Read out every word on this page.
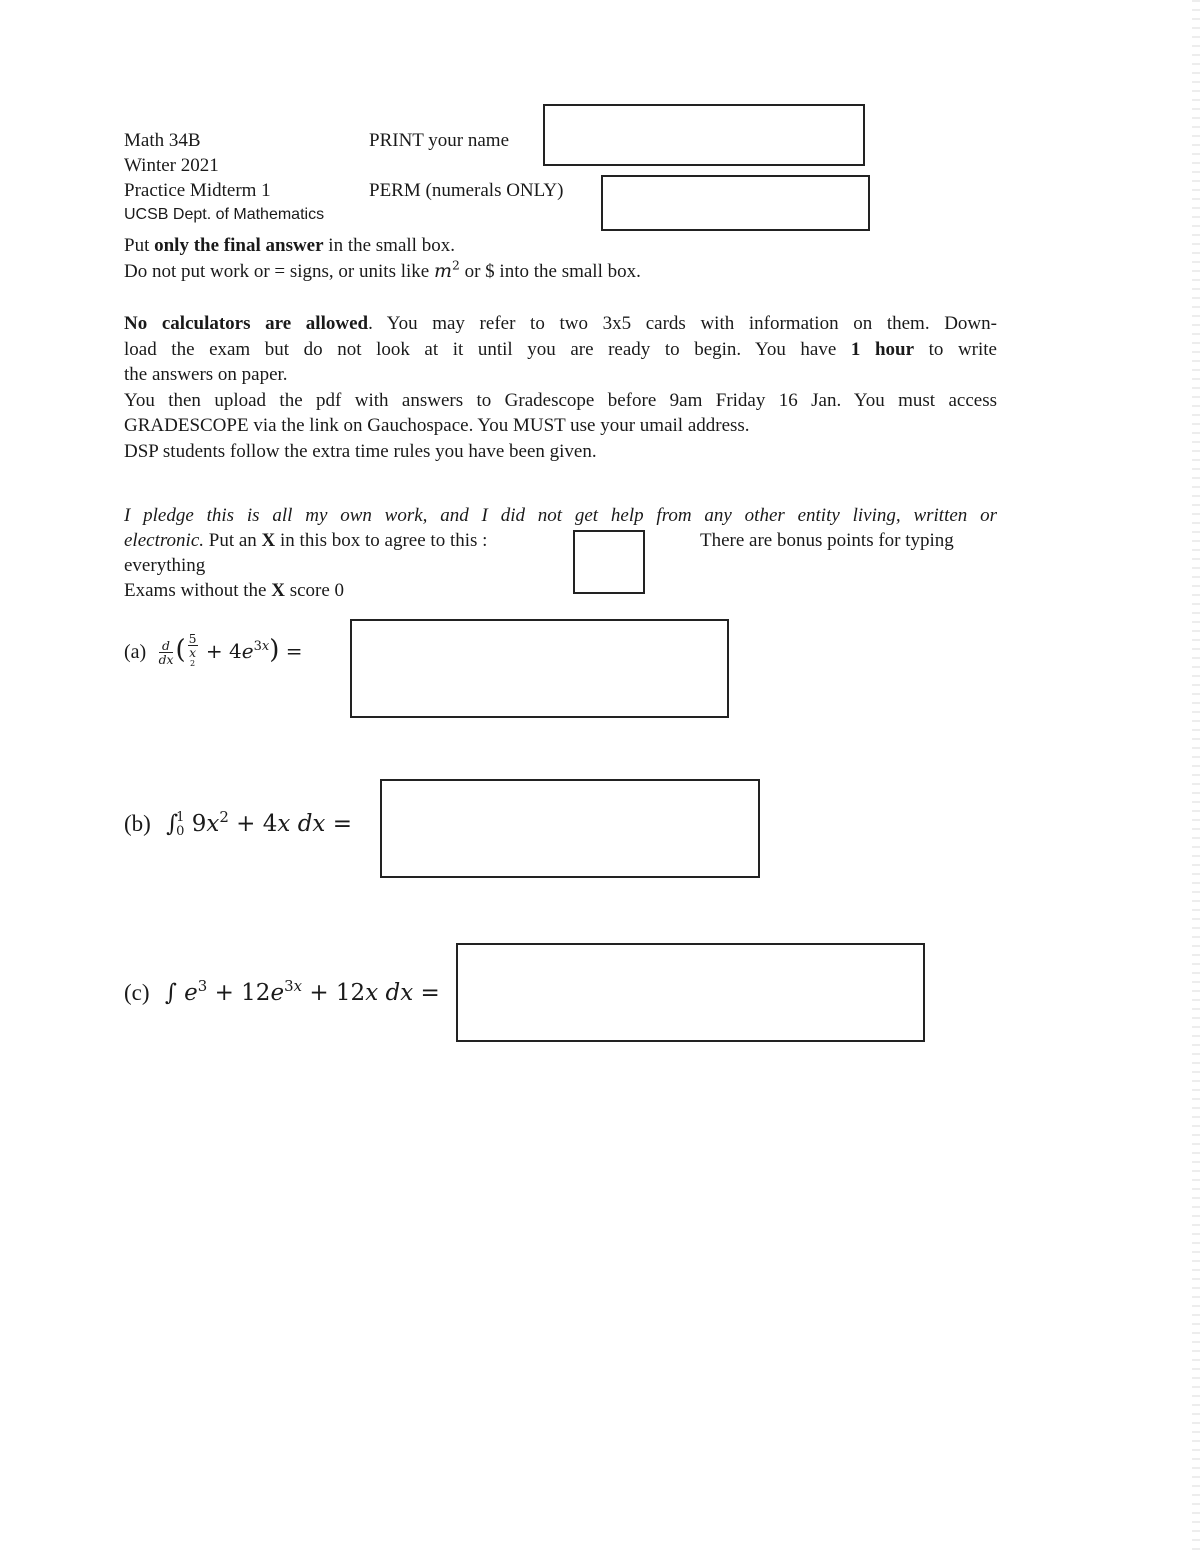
Math 34B
Winter 2021
Practice Midterm 1
UCSB Dept. of Mathematics
PRINT your name
PERM (numerals ONLY)
Put only the final answer in the small box.
Do not put work or = signs, or units like $m^2$ or $ into the small box.
No calculators are allowed. You may refer to two 3x5 cards with information on them. Down-
load the exam but do not look at it until you are ready to begin. You have 1 hour to write
the answers on paper.
You then upload the pdf with answers to Gradescope before 9am Friday 16 Jan. You must access
GRADESCOPE via the link on Gauchospace. You MUST use your umail address.
DSP students follow the extra time rules you have been given.
I pledge this is all my own work, and I did not get help from any other entity living, written or
electronic. Put an X in this box to agree to this :	There are bonus points for typing
everything
Exams without the X score 0
$(a) \frac{d}{dx}$ ( 5
x
$^2 + 4e^{3x}$) =
(b) ∫
1
0 $9x^2 + 4x$ dx =
(c) ∫ $e^3 + 12e^{3x} + 12x$ dx =
